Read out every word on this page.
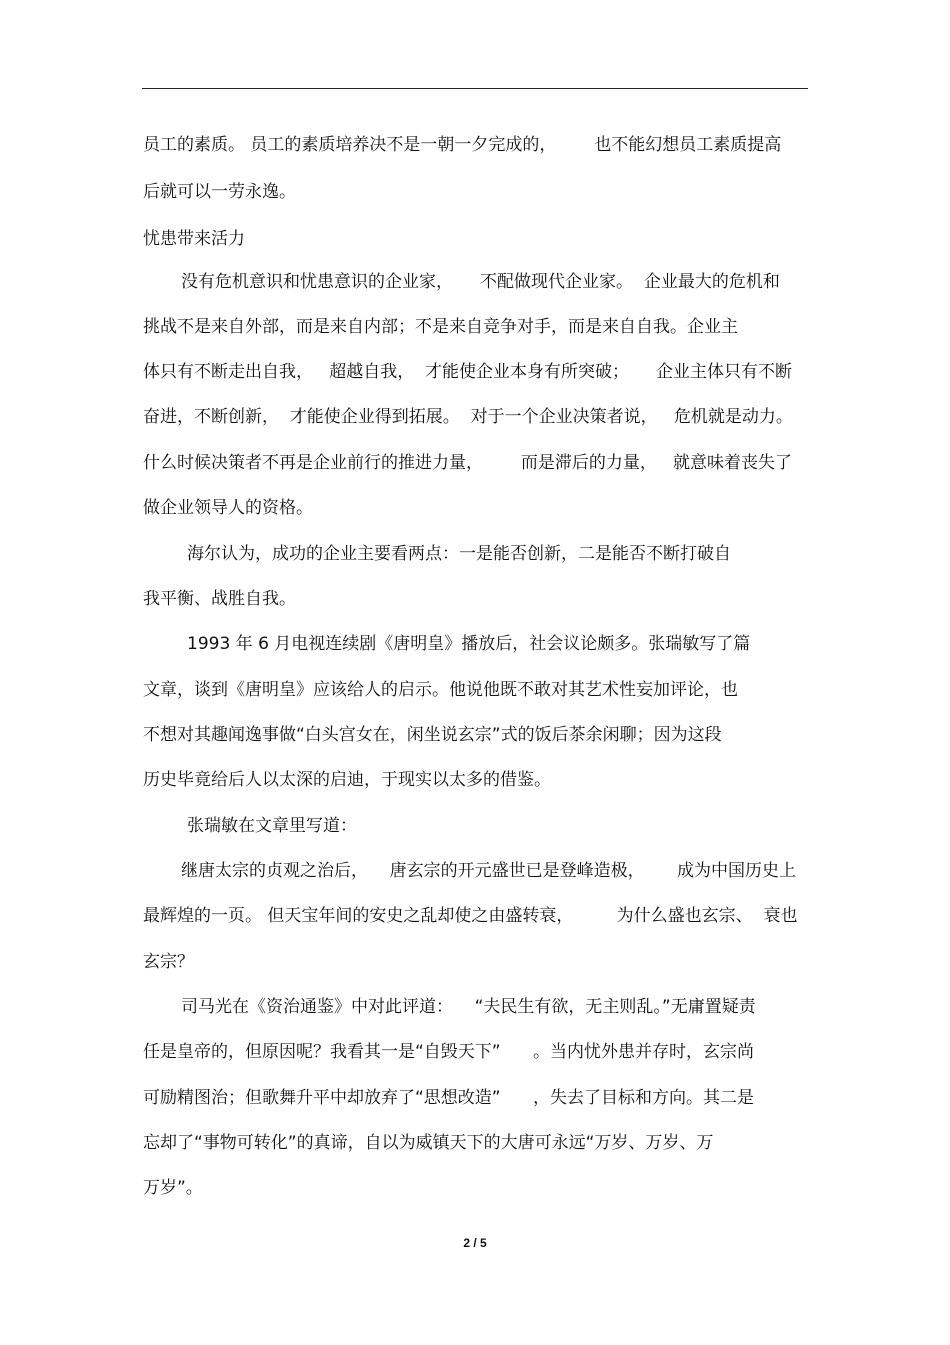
员工的素质。 员工的素质培养决不是一朝一夕完成的，       也不能幻想员工素质提高
后就可以一劳永逸。
忧患带来活力
没有危机意识和忧患意识的企业家，     不配做现代企业家。  企业最大的危机和
挑战不是来自外部，而是来自内部；不是来自竞争对手，而是来自自我。企业主
体只有不断走出自我，   超越自我，  才能使企业本身有所突破；     企业主体只有不断
奋进，不断创新，  才能使企业得到拓展。  对于一个企业决策者说，   危机就是动力。
什么时候决策者不再是企业前行的推进力量，       而是滞后的力量，   就意味着丧失了
做企业领导人的资格。
海尔认为，成功的企业主要看两点：一是能否创新，二是能否不断打破自
我平衡、战胜自我。
1993 年 6 月电视连续剧《唐明皇》播放后，社会议论颇多。张瑞敏写了篇
文章，谈到《唐明皇》应该给人的启示。他说他既不敢对其艺术性妄加评论，也
不想对其趣闻逸事做“白头宫女在，闲坐说玄宗”式的饭后茶余闲聊；因为这段
历史毕竟给后人以太深的启迪，于现实以太多的借鉴。
张瑞敏在文章里写道：
继唐太宗的贞观之治后，    唐玄宗的开元盛世已是登峰造极，      成为中国历史上
最辉煌的一页。 但天宝年间的安史之乱却使之由盛转衰，        为什么盛也玄宗、  衰也
玄宗？
司马光在《资治通鉴》中对此评道：    “夫民生有欲，无主则乱。”无庸置疑责
任是皇帝的，但原因呢？我看其一是“自毁天下”      。当内忧外患并存时，玄宗尚
可励精图治；但歌舞升平中却放弃了“思想改造”      ，失去了目标和方向。其二是
忘却了“事物可转化”的真谛，自以为威镇天下的大唐可永远“万岁、万岁、万
万岁”。
2 / 5
